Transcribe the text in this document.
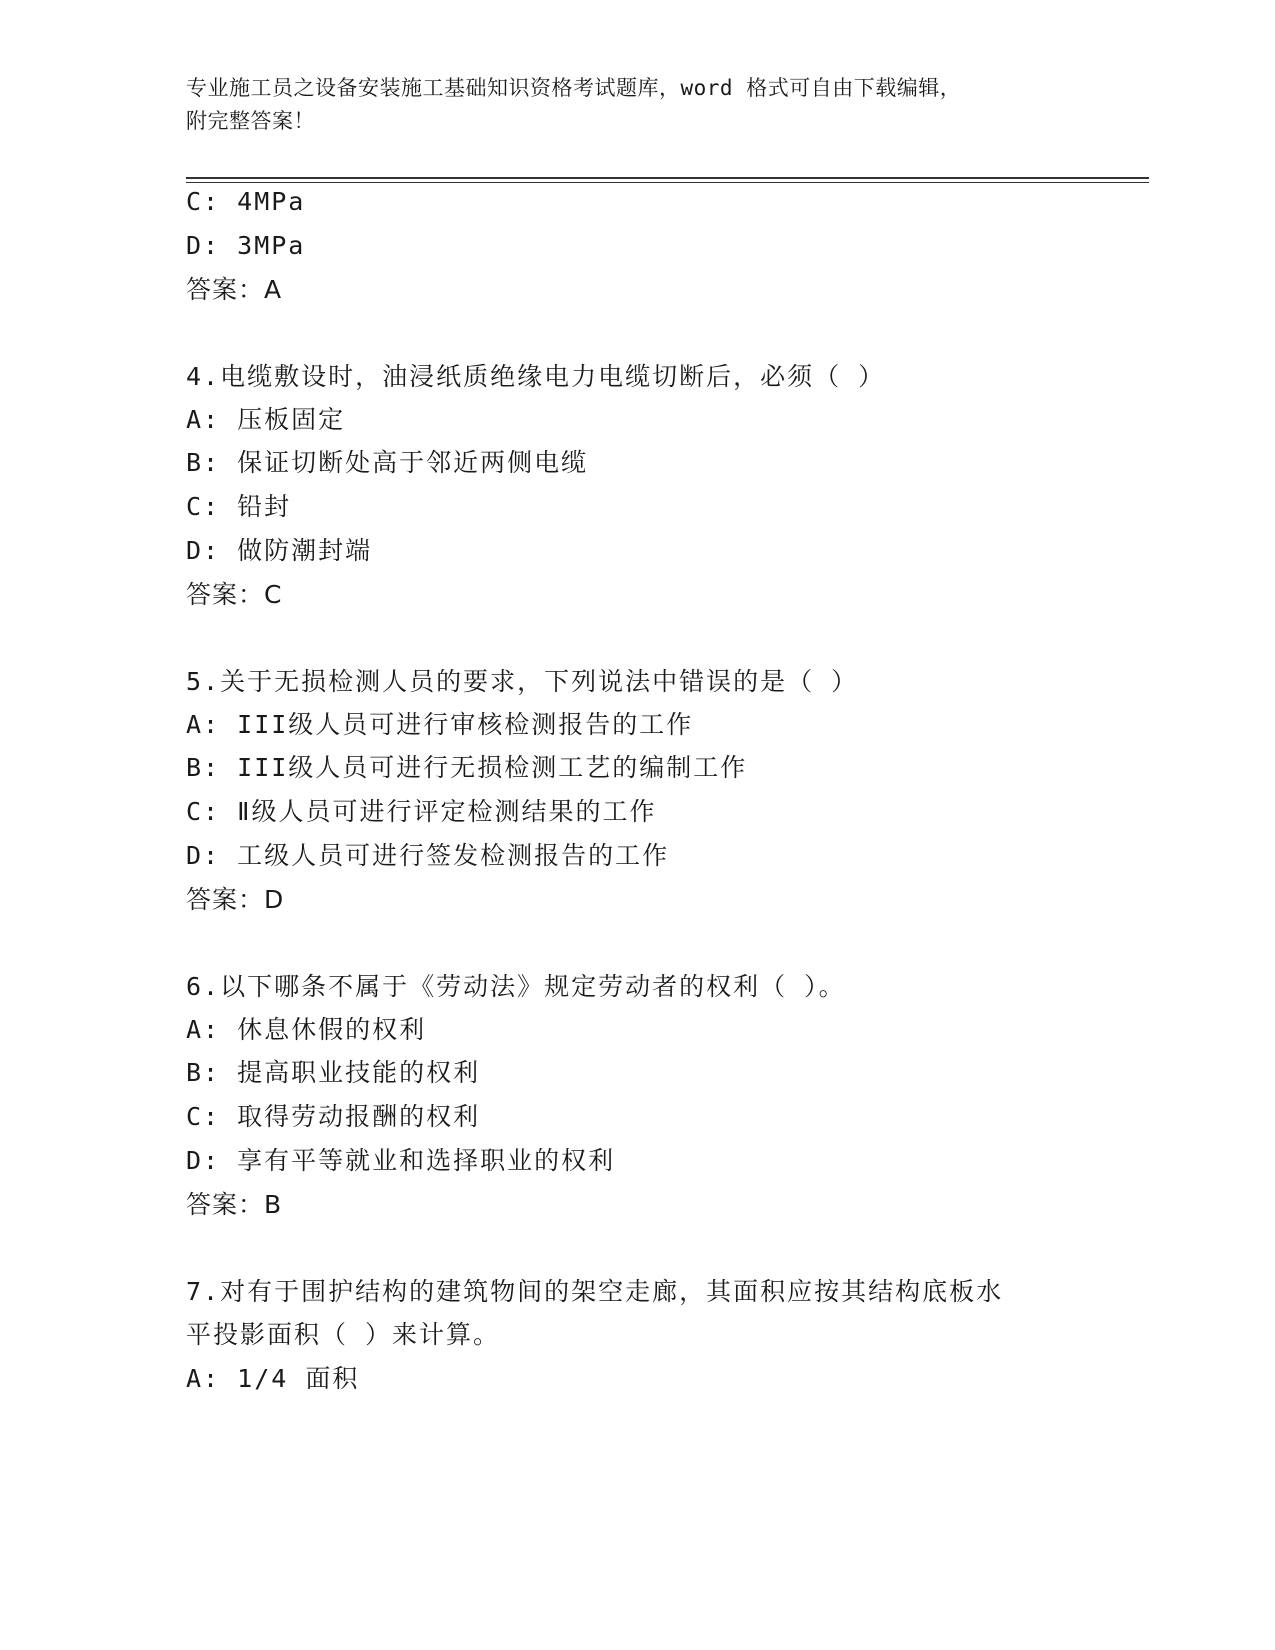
专业施工员之设备安装施工基础知识资格考试题库，word 格式可自由下载编辑，
附完整答案！
C: 4MPa
D: 3MPa
答案：A
4.电缆敷设时，油浸纸质绝缘电力电缆切断后，必须（ ）
A: 压板固定
B: 保证切断处高于邻近两侧电缆
C: 铅封
D: 做防潮封端
答案：C
5.关于无损检测人员的要求，下列说法中错误的是（ ）
A: III级人员可进行审核检测报告的工作
B: III级人员可进行无损检测工艺的编制工作
C: Ⅱ级人员可进行评定检测结果的工作
D: 工级人员可进行签发检测报告的工作
答案：D
6.以下哪条不属于《劳动法》规定劳动者的权利（ ）。
A: 休息休假的权利
B: 提高职业技能的权利
C: 取得劳动报酬的权利
D: 享有平等就业和选择职业的权利
答案：B
7.对有于围护结构的建筑物间的架空走廊，其面积应按其结构底板水
平投影面积（ ）来计算。
A: 1/4 面积
